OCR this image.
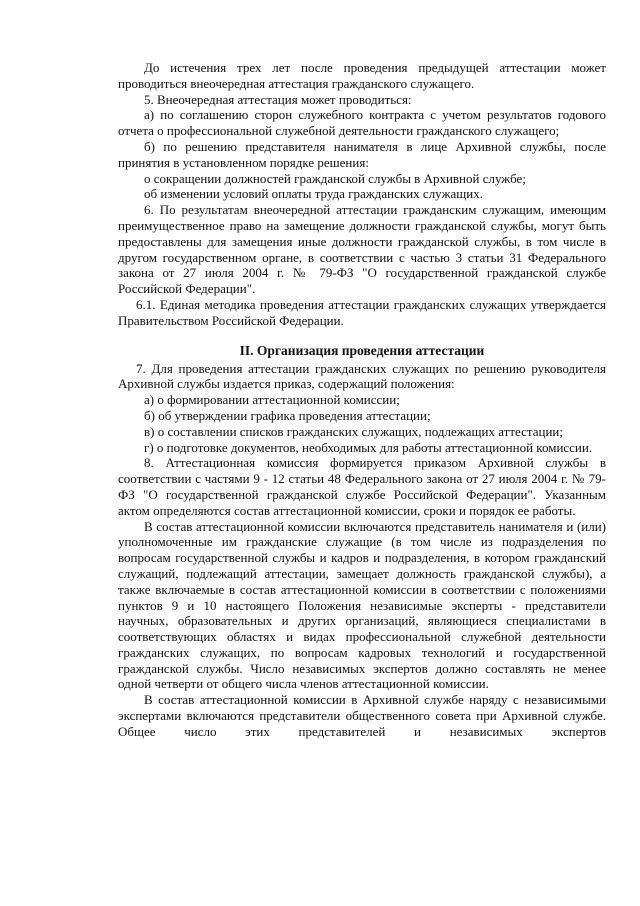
До истечения трех лет после проведения предыдущей аттестации может проводиться внеочередная аттестация гражданского служащего.

5. Внеочередная аттестация может проводиться:

а) по соглашению сторон служебного контракта с учетом результатов годового отчета о профессиональной служебной деятельности гражданского служащего;

б) по решению представителя нанимателя в лице Архивной службы, после принятия в установленном порядке решения:

о сокращении должностей гражданской службы в Архивной службе;

об изменении условий оплаты труда гражданских служащих.

6. По результатам внеочередной аттестации гражданским служащим, имеющим преимущественное право на замещение должности гражданской службы, могут быть предоставлены для замещения иные должности гражданской службы, в том числе в другом государственном органе, в соответствии с частью 3 статьи 31 Федерального закона от 27 июля 2004 г. № 79-ФЗ "О государственной гражданской службе Российской Федерации".

6.1. Единая методика проведения аттестации гражданских служащих утверждается Правительством Российской Федерации.

II. Организация проведения аттестации

7. Для проведения аттестации гражданских служащих по решению руководителя Архивной службы издается приказ, содержащий положения:

а) о формировании аттестационной комиссии;

б) об утверждении графика проведения аттестации;

в) о составлении списков гражданских служащих, подлежащих аттестации;

г) о подготовке документов, необходимых для работы аттестационной комиссии.

8. Аттестационная комиссия формируется приказом Архивной службы в соответствии с частями 9 - 12 статьи 48 Федерального закона от 27 июля 2004 г. № 79-ФЗ "О государственной гражданской службе Российской Федерации". Указанным актом определяются состав аттестационной комиссии, сроки и порядок ее работы.

В состав аттестационной комиссии включаются представитель нанимателя и (или) уполномоченные им гражданские служащие (в том числе из подразделения по вопросам государственной службы и кадров и подразделения, в котором гражданский служащий, подлежащий аттестации, замещает должность гражданской службы), а также включаемые в состав аттестационной комиссии в соответствии с положениями пунктов 9 и 10 настоящего Положения независимые эксперты - представители научных, образовательных и других организаций, являющиеся специалистами в соответствующих областях и видах профессиональной служебной деятельности гражданских служащих, по вопросам кадровых технологий и государственной гражданской службы. Число независимых экспертов должно составлять не менее одной четверти от общего числа членов аттестационной комиссии.

В состав аттестационной комиссии в Архивной службе наряду с независимыми экспертами включаются представители общественного совета при Архивной службе. Общее число этих представителей и независимых экспертов
